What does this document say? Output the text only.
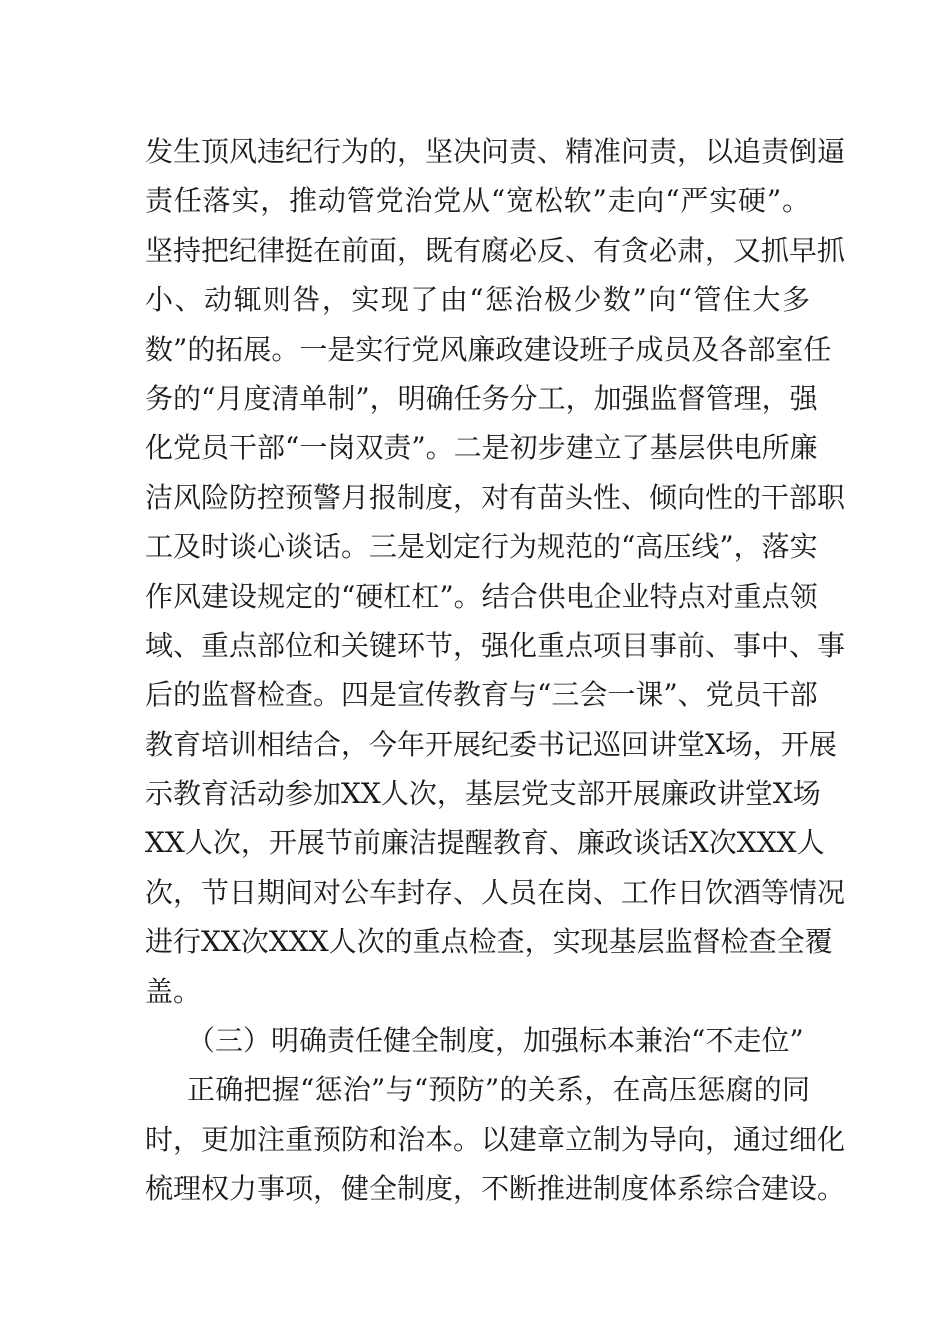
发生顶风违纪行为的，坚决问责、精准问责，以追责倒逼
责任落实，推动管党治党从“宽松软”走向“严实硬”。
坚持把纪律挺在前面，既有腐必反、有贪必肃，又抓早抓
小、动辄则咎，实现了由“惩治极少数”向“管住大多
数”的拓展。一是实行党风廉政建设班子成员及各部室任
务的“月度清单制”，明确任务分工，加强监督管理，强
化党员干部“一岗双责”。二是初步建立了基层供电所廉
洁风险防控预警月报制度，对有苗头性、倾向性的干部职
工及时谈心谈话。三是划定行为规范的“高压线”，落实
作风建设规定的“硬杠杠”。结合供电企业特点对重点领
域、重点部位和关键环节，强化重点项目事前、事中、事
后的监督检查。四是宣传教育与“三会一课”、党员干部
教育培训相结合，今年开展纪委书记巡回讲堂X场，开展
示教育活动参加XX人次，基层党支部开展廉政讲堂X场
XX人次，开展节前廉洁提醒教育、廉政谈话X次XXX人
次，节日期间对公车封存、人员在岗、工作日饮酒等情况
进行XX次XXX人次的重点检查，实现基层监督检查全覆
盖。
（三）明确责任健全制度，加强标本兼治“不走位”
正确把握“惩治”与“预防”的关系，在高压惩腐的同
时，更加注重预防和治本。以建章立制为导向，通过细化
梳理权力事项，健全制度，不断推进制度体系综合建设。
